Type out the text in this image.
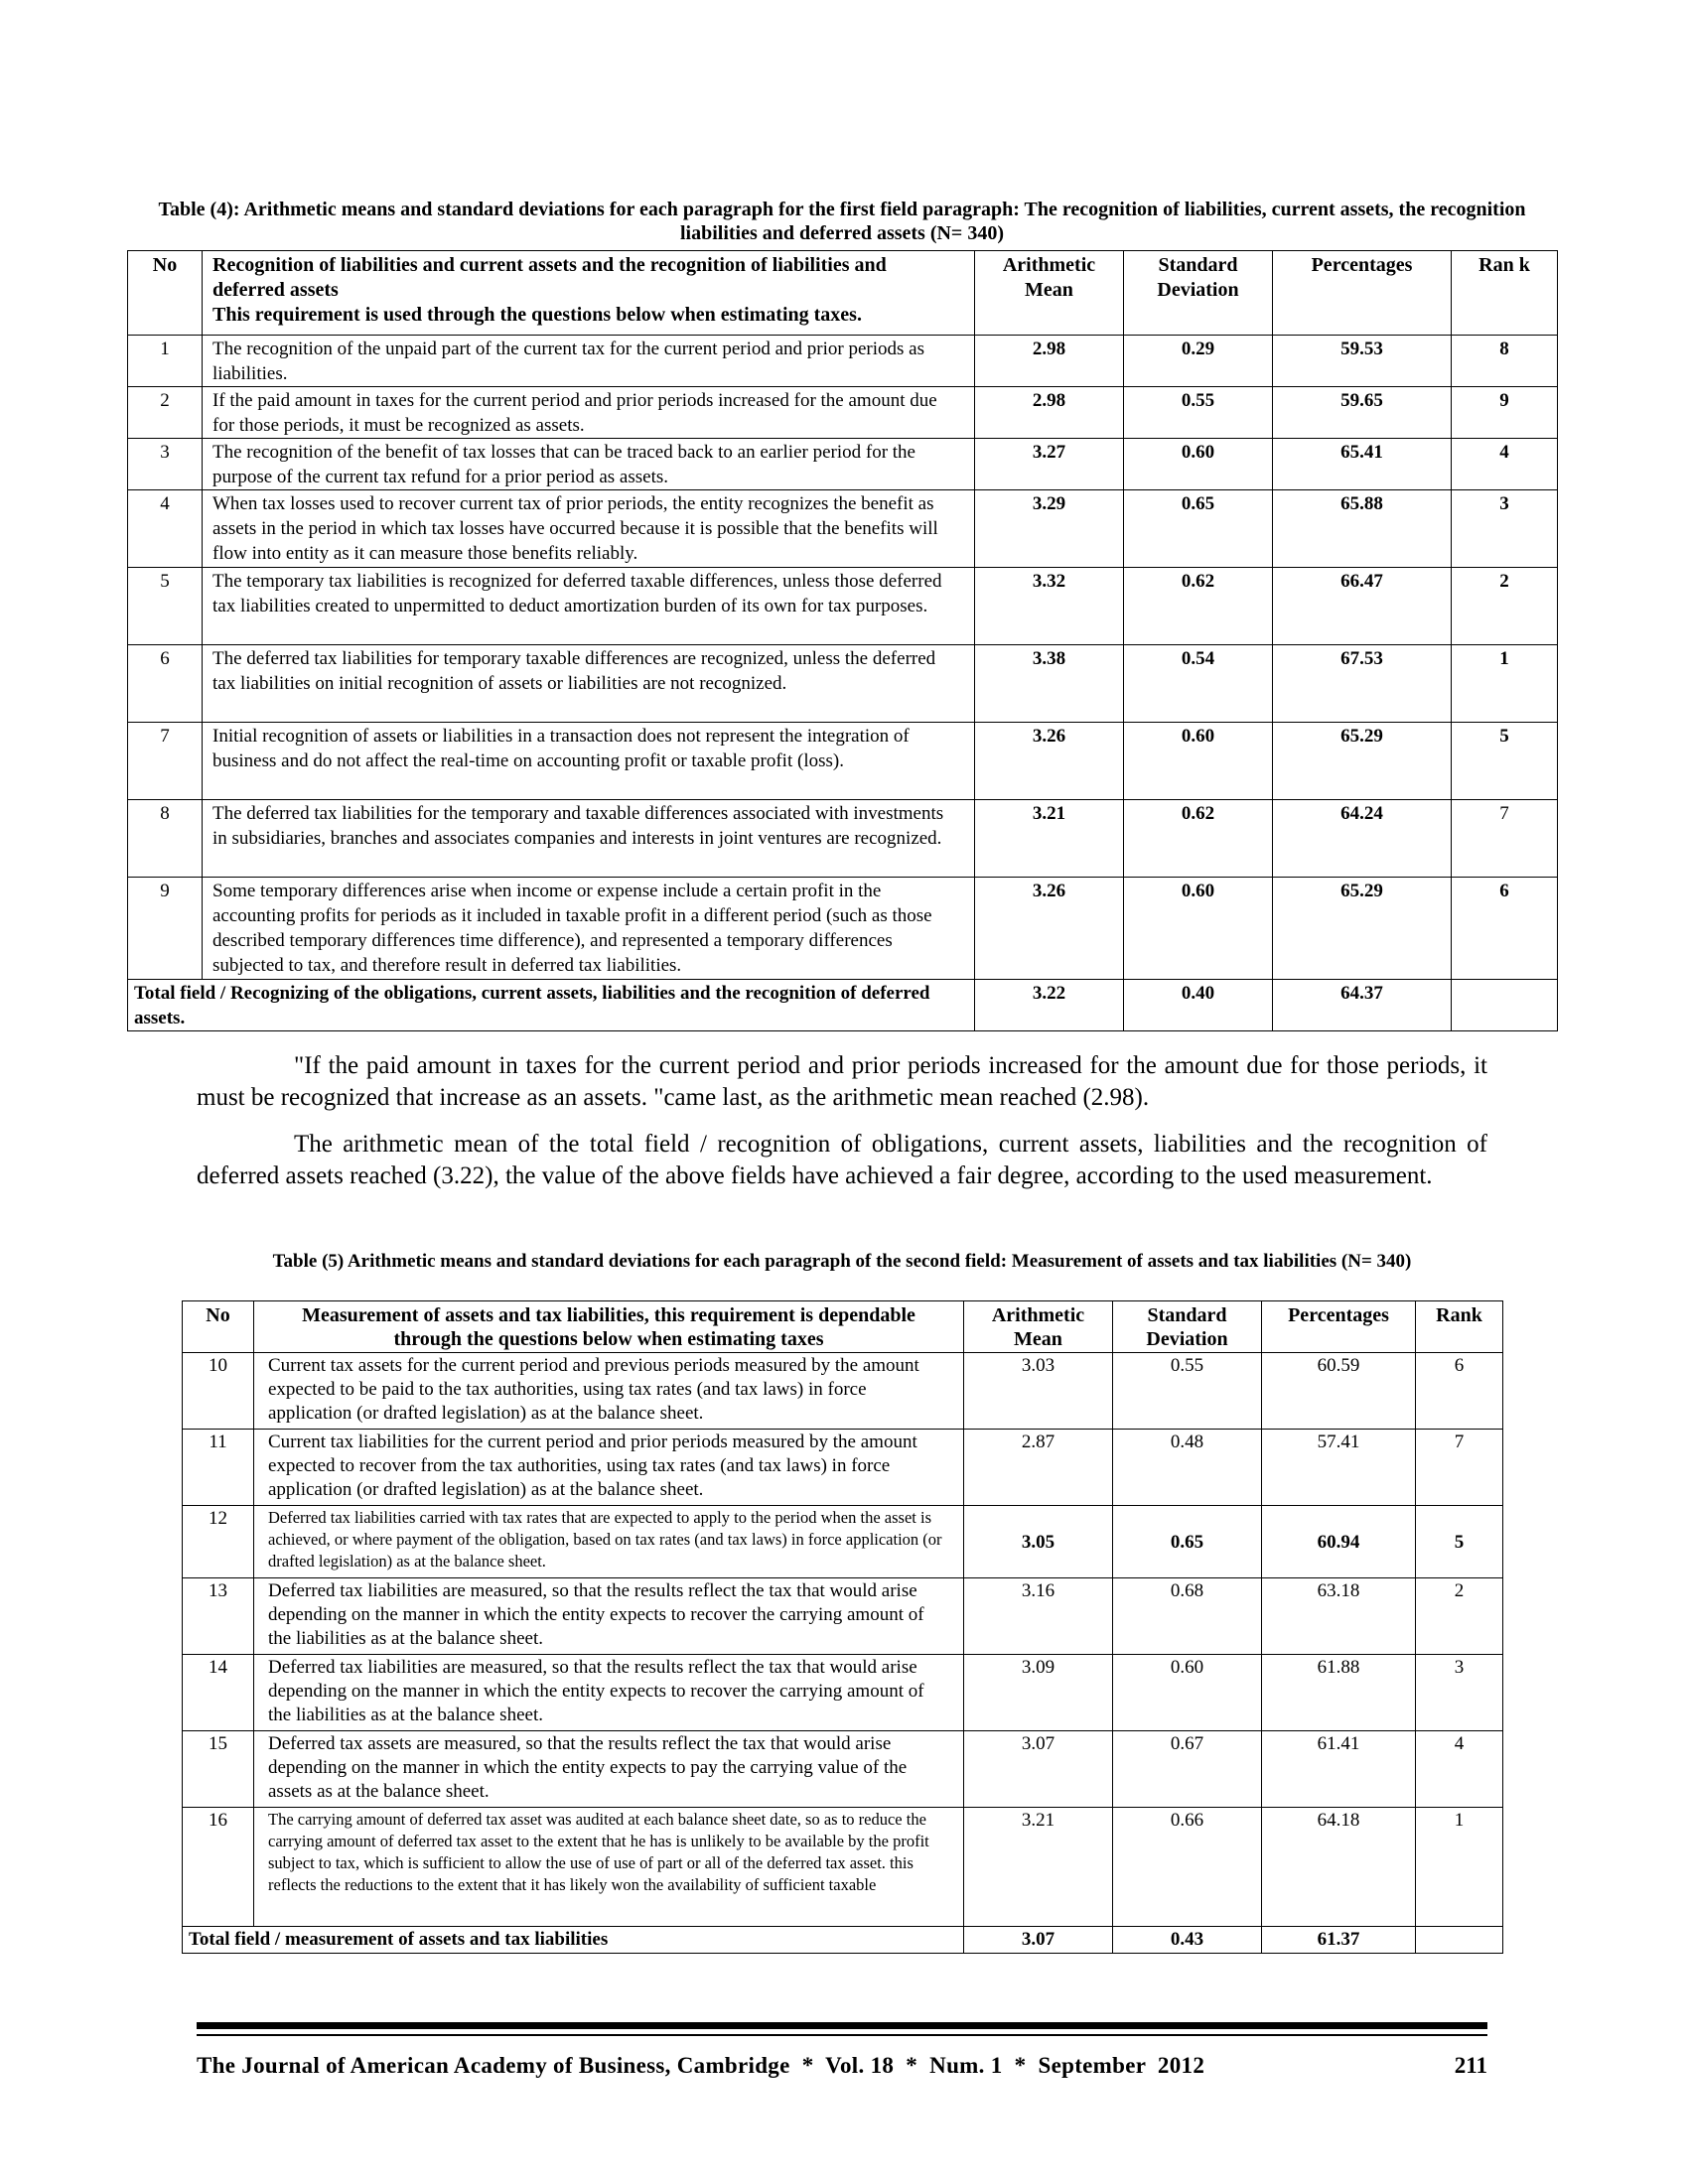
Table (4): Arithmetic means and standard deviations for each paragraph for the first field paragraph: The recognition of liabilities, current assets, the recognition liabilities and deferred assets (N= 340)
No	Recognition of liabilities and current assets and the recognition of liabilities and deferred assets
This requirement is used through the questions below when estimating taxes.	Arithmetic Mean	Standard Deviation	Percentages	Ran k
1	The recognition of the unpaid part of the current tax for the current period and prior periods as liabilities.	2.98	0.29	59.53	8
2	If the paid amount in taxes for the current period and prior periods increased for the amount due for those periods, it must be recognized as assets.	2.98	0.55	59.65	9
3	The recognition of the benefit of tax losses that can be traced back to an earlier period for the purpose of the current tax refund for a prior period as assets.	3.27	0.60	65.41	4
4	When tax losses used to recover current tax of prior periods, the entity recognizes the benefit as assets in the period in which tax losses have occurred because it is possible that the benefits will flow into entity as it can measure those benefits reliably.	3.29	0.65	65.88	3
5	The temporary tax liabilities is recognized for deferred taxable differences, unless those deferred tax liabilities created to unpermitted to deduct amortization burden of its own for tax purposes.	3.32	0.62	66.47	2
6	The deferred tax liabilities for temporary taxable differences are recognized, unless the deferred tax liabilities on initial recognition of assets or liabilities are not recognized.	3.38	0.54	67.53	1
7	Initial recognition of assets or liabilities in a transaction does not represent the integration of business and do not affect the real-time on accounting profit or taxable profit (loss).	3.26	0.60	65.29	5
8	The deferred tax liabilities for the temporary and taxable differences associated with investments in subsidiaries, branches and associates companies and interests in joint ventures are recognized.	3.21	0.62	64.24	7
9	Some temporary differences arise when income or expense include a certain profit in the accounting profits for periods as it included in taxable profit in a different period (such as those described temporary differences time difference), and represented a temporary differences subjected to tax, and therefore result in deferred tax liabilities.	3.26	0.60	65.29	6
Total field / Recognizing of the obligations, current assets, liabilities and the recognition of deferred assets.		3.22	0.40	64.37	
"If the paid amount in taxes for the current period and prior periods increased for the amount due for those periods, it must be recognized that increase as an assets. "came last, as the arithmetic mean reached (2.98).
The arithmetic mean of the total field / recognition of obligations, current assets, liabilities and the recognition of deferred assets reached (3.22), the value of the above fields have achieved a fair degree, according to the used measurement.
Table (5) Arithmetic means and standard deviations for each paragraph of the second field: Measurement of assets and tax liabilities (N= 340)
No	Measurement of assets and tax liabilities, this requirement is dependable through the questions below when estimating taxes	Arithmetic Mean	Standard Deviation	Percentages	Rank
10	Current tax assets for the current period and previous periods measured by the amount expected to be paid to the tax authorities, using tax rates (and tax laws) in force application (or drafted legislation) as at the balance sheet.	3.03	0.55	60.59	6
11	Current tax liabilities for the current period and prior periods measured by the amount expected to recover from the tax authorities, using tax rates (and tax laws) in force application (or drafted legislation) as at the balance sheet.	2.87	0.48	57.41	7
12	Deferred tax liabilities carried with tax rates that are expected to apply to the period when the asset is achieved, or where payment of the obligation, based on tax rates (and tax laws) in force application (or drafted legislation) as at the balance sheet.	3.05	0.65	60.94	5
13	Deferred tax liabilities are measured, so that the results reflect the tax that would arise depending on the manner in which the entity expects to recover the carrying amount of the liabilities as at the balance sheet.	3.16	0.68	63.18	2
14	Deferred tax liabilities are measured, so that the results reflect the tax that would arise depending on the manner in which the entity expects to recover the carrying amount of the liabilities as at the balance sheet.	3.09	0.60	61.88	3
15	Deferred tax assets are measured, so that the results reflect the tax that would arise depending on the manner in which the entity expects to pay the carrying value of the assets as at the balance sheet.	3.07	0.67	61.41	4
16	The carrying amount of deferred tax asset was audited at each balance sheet date, so as to reduce the carrying amount of deferred tax asset to the extent that he has is unlikely to be available by the profit subject to tax, which is sufficient to allow the use of use of part or all of the deferred tax asset. this reflects the reductions to the extent that it has likely won the availability of sufficient taxable	3.21	0.66	64.18	1
Total field / measurement of assets and tax liabilities		3.07	0.43	61.37	
The Journal of American Academy of Business, Cambridge  *  Vol. 18  *  Num. 1  *  September  2012	211
